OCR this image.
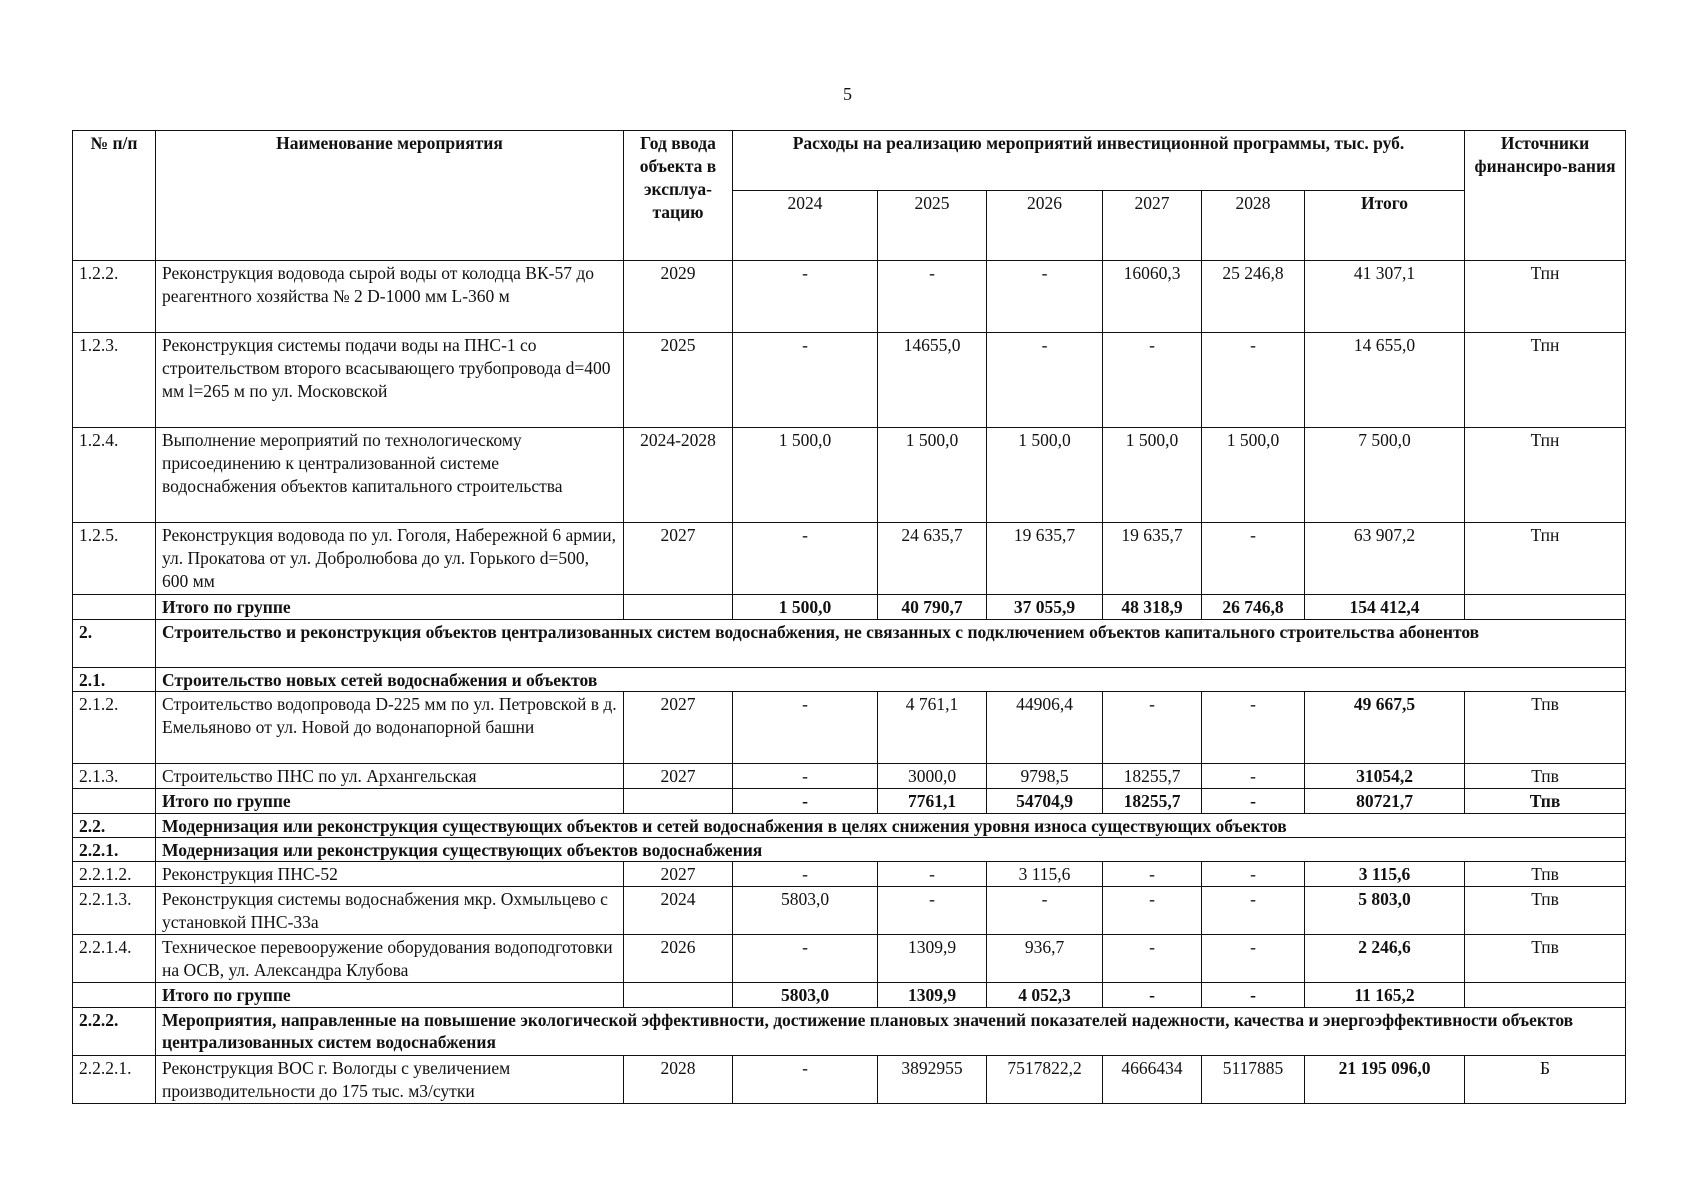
5
№ п/п	Наименование мероприятия	Год ввода объекта в эксплуа-тацию	Расходы на реализацию мероприятий инвестиционной программы, тыс. руб.						Источники финансиро-вания
			2024	2025	2026	2027	2028	Итого	
1.2.2.	Реконструкция водовода сырой воды от колодца ВК-57 до реагентного хозяйства № 2 D-1000 мм L-360 м	2029	-	-	-	16060,3	25 246,8	41 307,1	Тпн
1.2.3.	Реконструкция системы подачи воды на ПНС-1 со строительством второго всасывающего трубопровода d=400 мм l=265 м по ул. Московской	2025	-	14655,0	-	-	-	14 655,0	Тпн
1.2.4.	Выполнение мероприятий по технологическому присоединению к централизованной системе водоснабжения объектов капитального строительства	2024-2028	1 500,0	1 500,0	1 500,0	1 500,0	1 500,0	7 500,0	Тпн
1.2.5.	Реконструкция водовода по ул. Гоголя, Набережной 6 армии, ул. Прокатова от ул. Добролюбова до ул. Горького d=500, 600 мм	2027	-	24 635,7	19 635,7	19 635,7	-	63 907,2	Тпн
	Итого по группе		1 500,0	40 790,7	37 055,9	48 318,9	26 746,8	154 412,4	
2.	Строительство и реконструкция объектов централизованных систем водоснабжения, не связанных с подключением объектов капитального строительства абонентов								
2.1.	Строительство новых сетей водоснабжения и объектов								
2.1.2.	Строительство водопровода D-225 мм по ул. Петровской в д. Емельяново от ул. Новой до водонапорной башни	2027	-	4 761,1	44906,4	-	-	49 667,5	Тпв
2.1.3.	Строительство ПНС по ул. Архангельская	2027	-	3000,0	9798,5	18255,7	-	31054,2	Тпв
	Итого по группе		-	7761,1	54704,9	18255,7	-	80721,7	Тпв
2.2.	Модернизация или реконструкция существующих объектов и сетей водоснабжения в целях снижения уровня износа существующих объектов								
2.2.1.	Модернизация или реконструкция существующих объектов водоснабжения								
2.2.1.2.	Реконструкция ПНС-52	2027	-	-	3 115,6	-	-	3 115,6	Тпв
2.2.1.3.	Реконструкция системы водоснабжения мкр. Охмыльцево с установкой ПНС-33а	2024	5803,0	-	-	-	-	5 803,0	Тпв
2.2.1.4.	Техническое перевооружение оборудования водоподготовки на ОСВ, ул. Александра Клубова	2026	-	1309,9	936,7	-	-	2 246,6	Тпв
	Итого по группе		5803,0	1309,9	4 052,3	-	-	11 165,2	
2.2.2.	Мероприятия, направленные на повышение экологической эффективности, достижение плановых значений показателей надежности, качества и энергоэффективности объектов централизованных систем водоснабжения								
2.2.2.1.	Реконструкция ВОС г. Вологды с увеличением производительности до 175 тыс. м3/сутки	2028	-	3892955	7517822,2	4666434	5117885	21 195 096,0	Б
